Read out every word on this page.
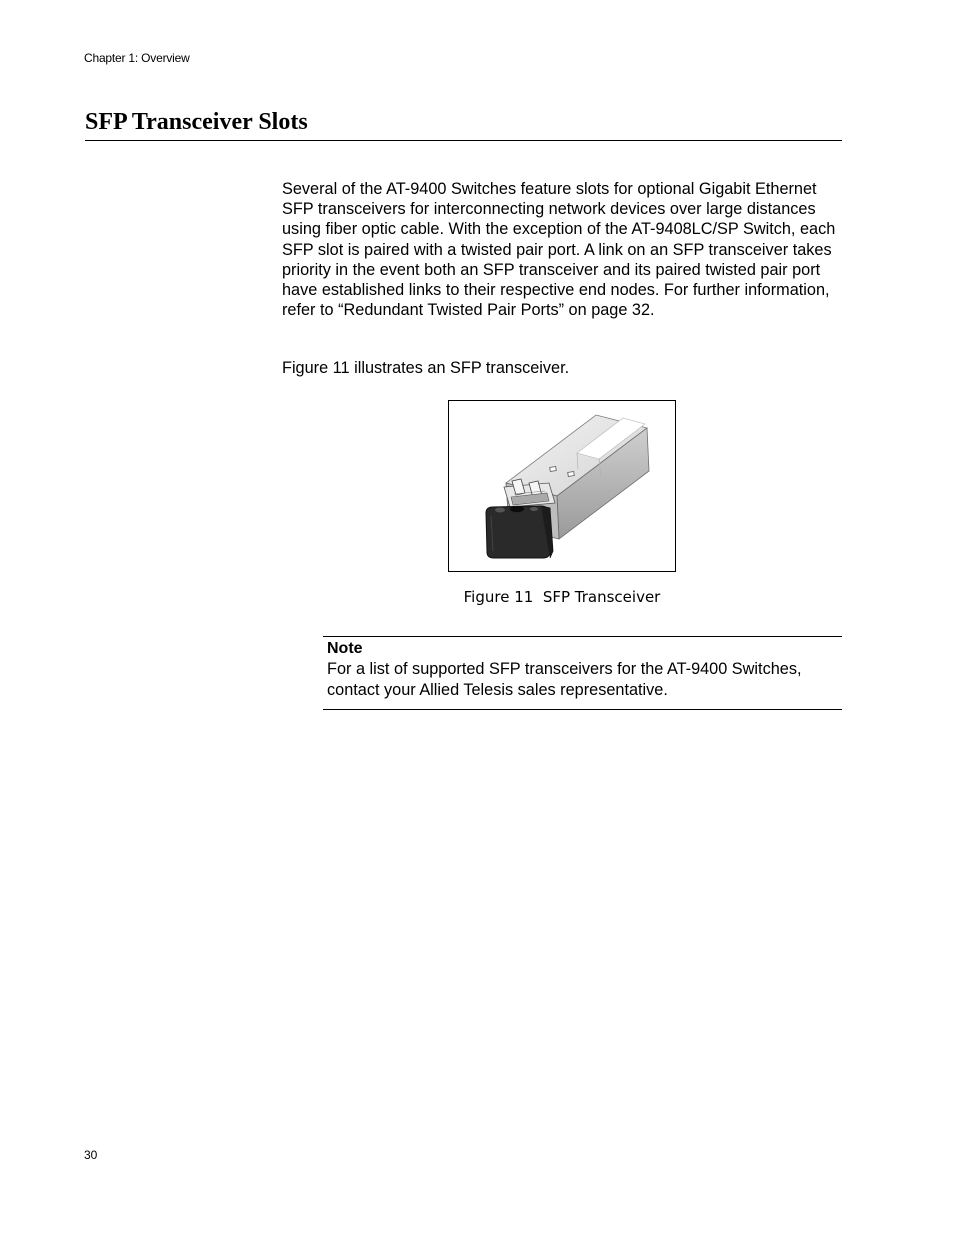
Chapter 1: Overview
SFP Transceiver Slots

Several of the AT-9400 Switches feature slots for optional Gigabit Ethernet SFP transceivers for interconnecting network devices over large distances using fiber optic cable. With the exception of the AT-9408LC/SP Switch, each SFP slot is paired with a twisted pair port. A link on an SFP transceiver takes priority in the event both an SFP transceiver and its paired twisted pair port have established links to their respective end nodes. For further information, refer to “Redundant Twisted Pair Ports” on page 32.

Figure 11 illustrates an SFP transceiver.

Figure 11  SFP Transceiver
Note

For a list of supported SFP transceivers for the AT-9400 Switches, contact your Allied Telesis sales representative.

30
